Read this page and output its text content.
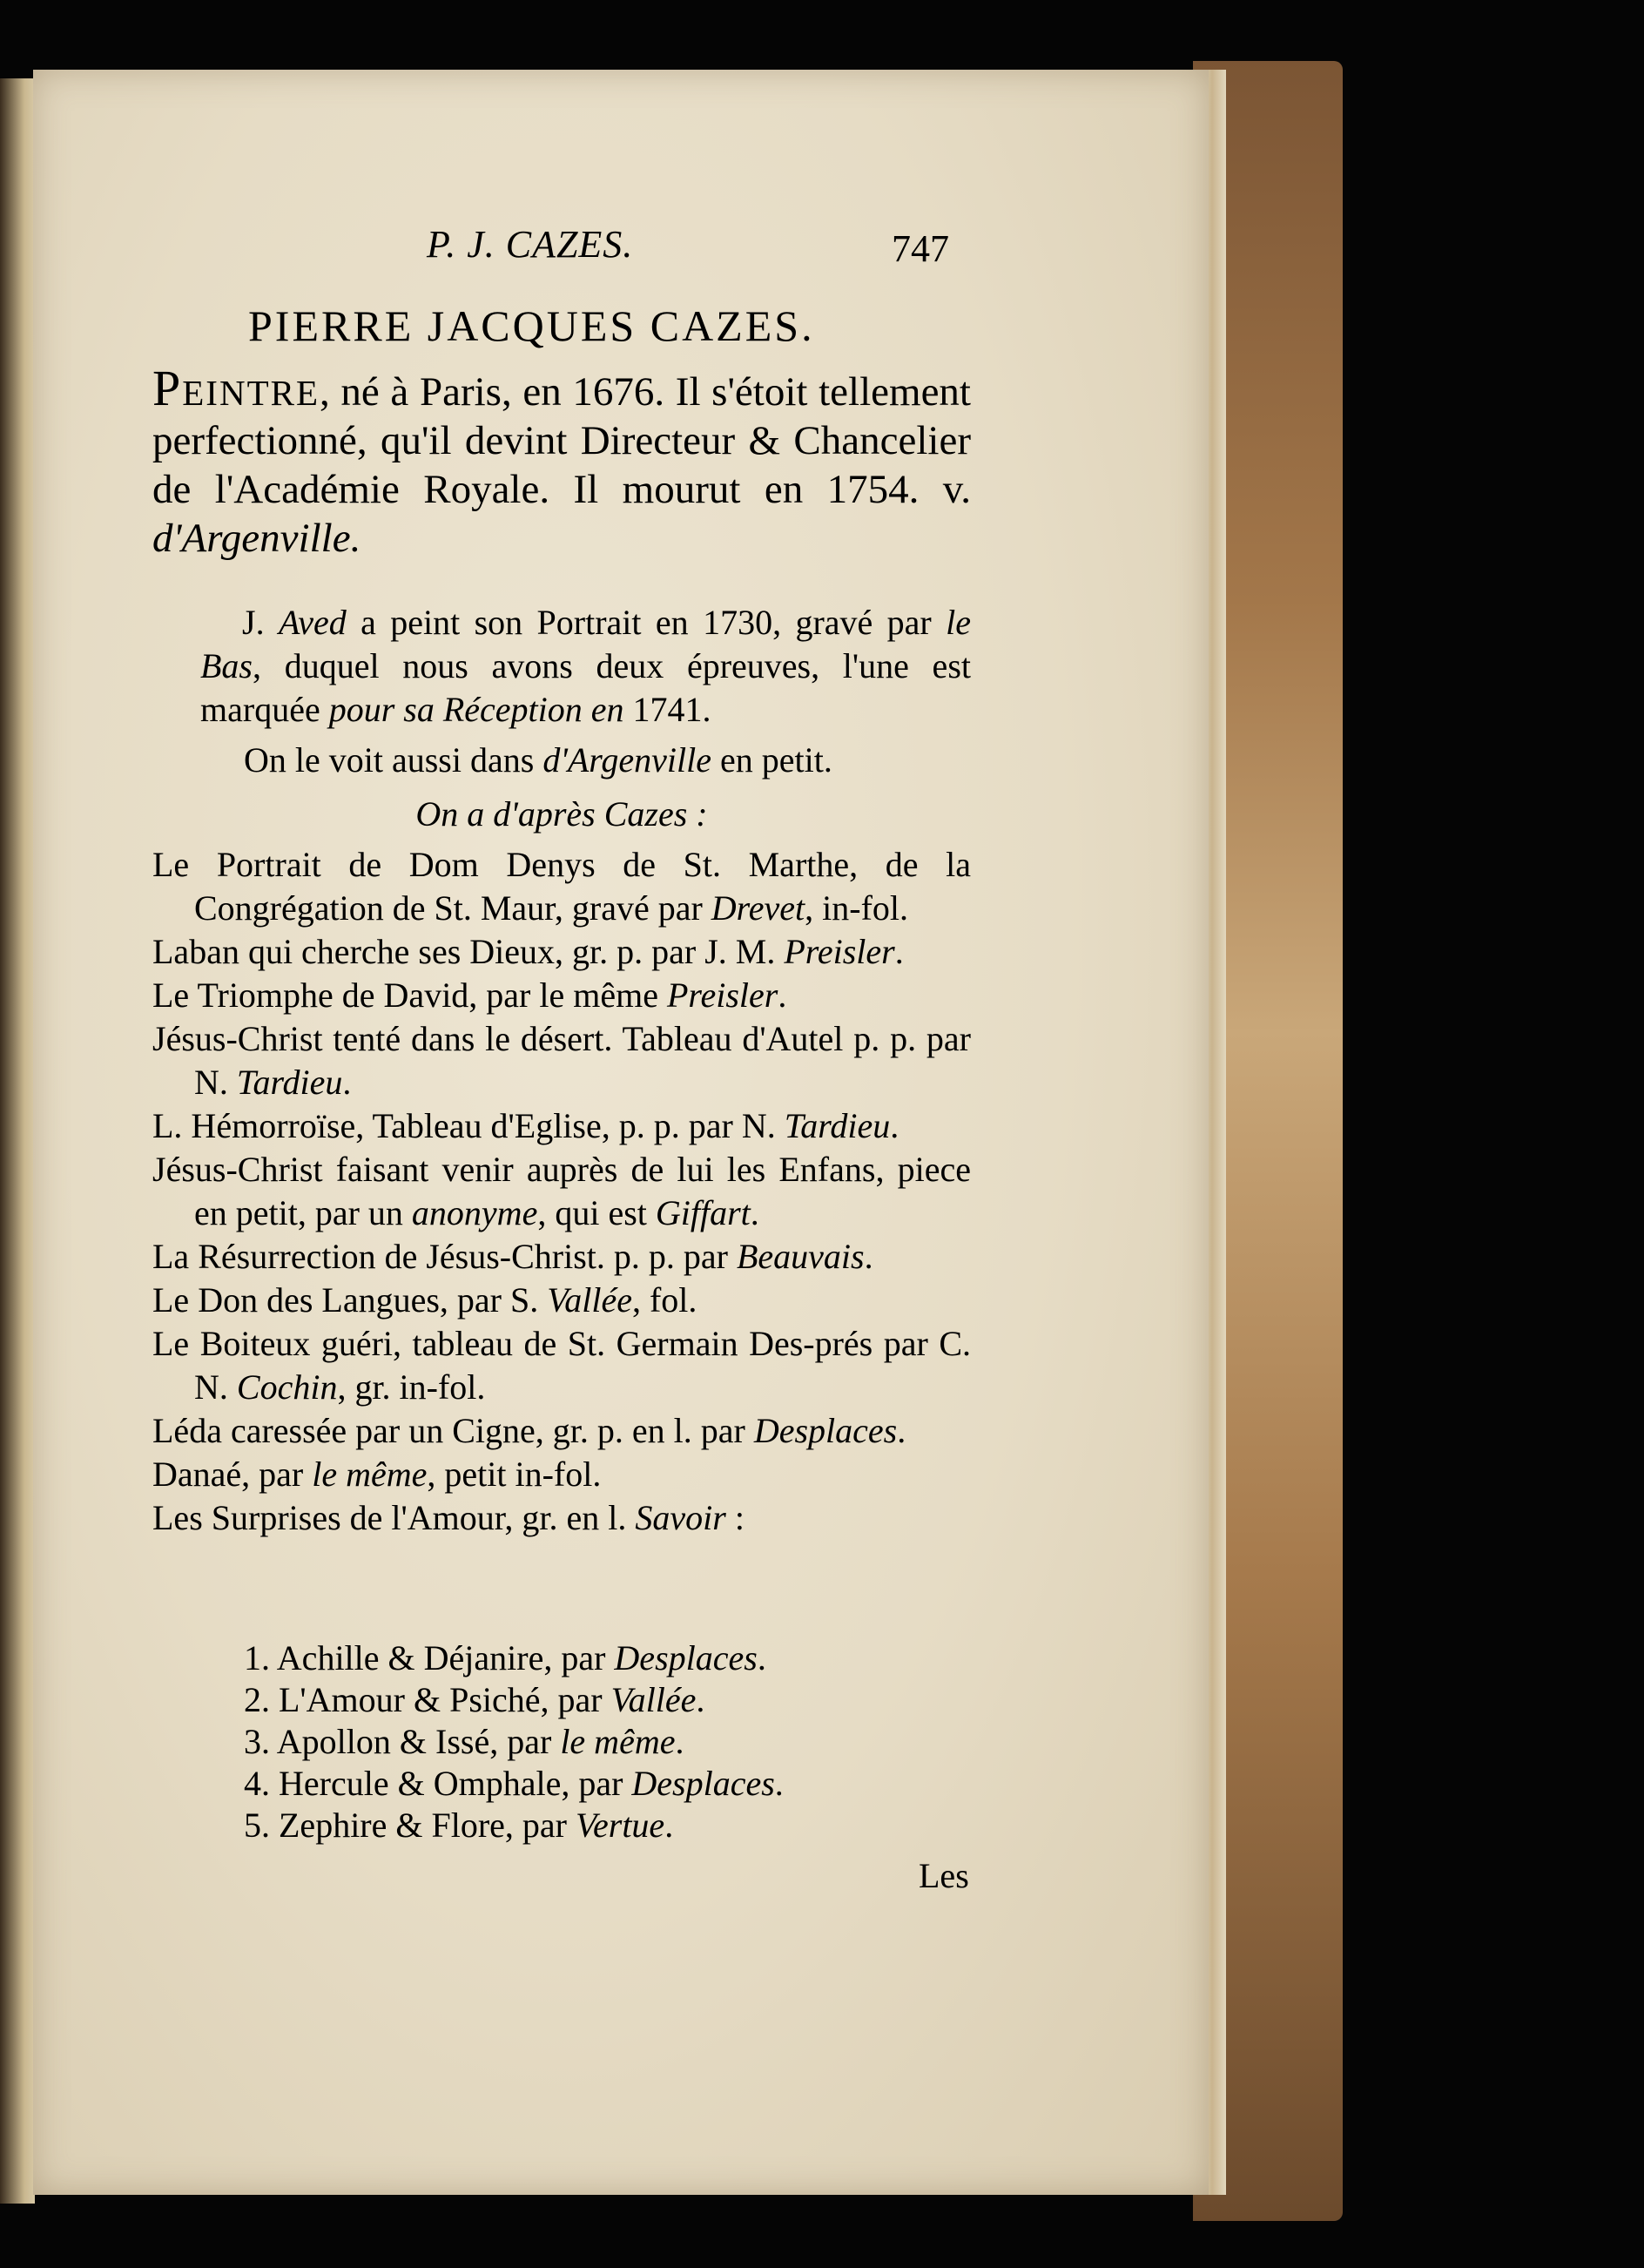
P. J. CAZES.	747
PIERRE JACQUES CAZES.
Peintre, né à Paris, en 1676. Il s'étoit tellement perfectionné, qu'il devint Directeur & Chancelier de l'Académie Royale. Il mourut en 1754. v. d'Argenville.
J. Aved a peint son Portrait en 1730, gravé par le Bas, duquel nous avons deux épreuves, l'une est marquée pour sa Réception en 1741.
On le voit aussi dans d'Argenville en petit.
On a d'après Cazes :
Le Portrait de Dom Denys de St. Marthe, de la Congrégation de St. Maur, gravé par Drevet, in-fol.
Laban qui cherche ses Dieux, gr. p. par J. M. Preisler.
Le Triomphe de David, par le même Preisler.
Jésus-Christ tenté dans le désert. Tableau d'Autel p. p. par N. Tardieu.
L. Hémorroïse, Tableau d'Eglise, p. p. par N. Tardieu.
Jésus-Christ faisant venir auprès de lui les Enfans, piece en petit, par un anonyme, qui est Giffart.
La Résurrection de Jésus-Christ. p. p. par Beauvais.
Le Don des Langues, par S. Vallée, fol.
Le Boiteux guéri, tableau de St. Germain Des-prés par C. N. Cochin, gr. in-fol.
Léda caressée par un Cigne, gr. p. en l. par Desplaces.
Danaé, par le même, petit in-fol.
Les Surprises de l'Amour, gr. en l. Savoir :
1. Achille & Déjanire, par Desplaces.
2. L'Amour & Psiché, par Vallée.
3. Apollon & Issé, par le même.
4. Hercule & Omphale, par Desplaces.
5. Zephire & Flore, par Vertue.
Les
